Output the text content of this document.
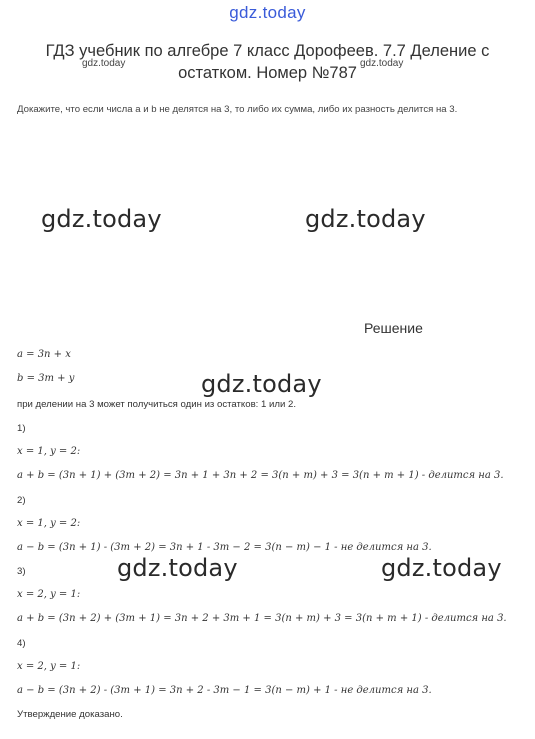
gdz.today
ГДЗ учебник по алгебре 7 класс Дорофеев. 7.7 Деление с
остатком. Номер №787
gdz.today	gdz.today
Докажите, что если числа a и b не делятся на 3, то либо их сумма, либо их разность делится на 3.
gdz.today	gdz.today
gdz.today
gdz.today	gdz.today
Решение
a = 3n + x
b = 3m + y
при делении на 3 может получиться один из остатков: 1 или 2.
1)
x = 1, y = 2:
a + b = (3n + 1) + (3m + 2) = 3n + 1 + 3n + 2 = 3(n + m) + 3 = 3(n + m + 1) - делится на 3.
2)
x = 1, y = 2:
a − b = (3n + 1) - (3m + 2) = 3n + 1 - 3m − 2 = 3(n − m) − 1 - не делится на 3.
3)
x = 2, y = 1:
a + b = (3n + 2) + (3m + 1) = 3n + 2 + 3m + 1 = 3(n + m) + 3 = 3(n + m + 1) - делится на 3.
4)
x = 2, y = 1:
a − b = (3n + 2) - (3m + 1) = 3n + 2 - 3m − 1 = 3(n − m) + 1 - не делится на 3.
Утверждение доказано.
